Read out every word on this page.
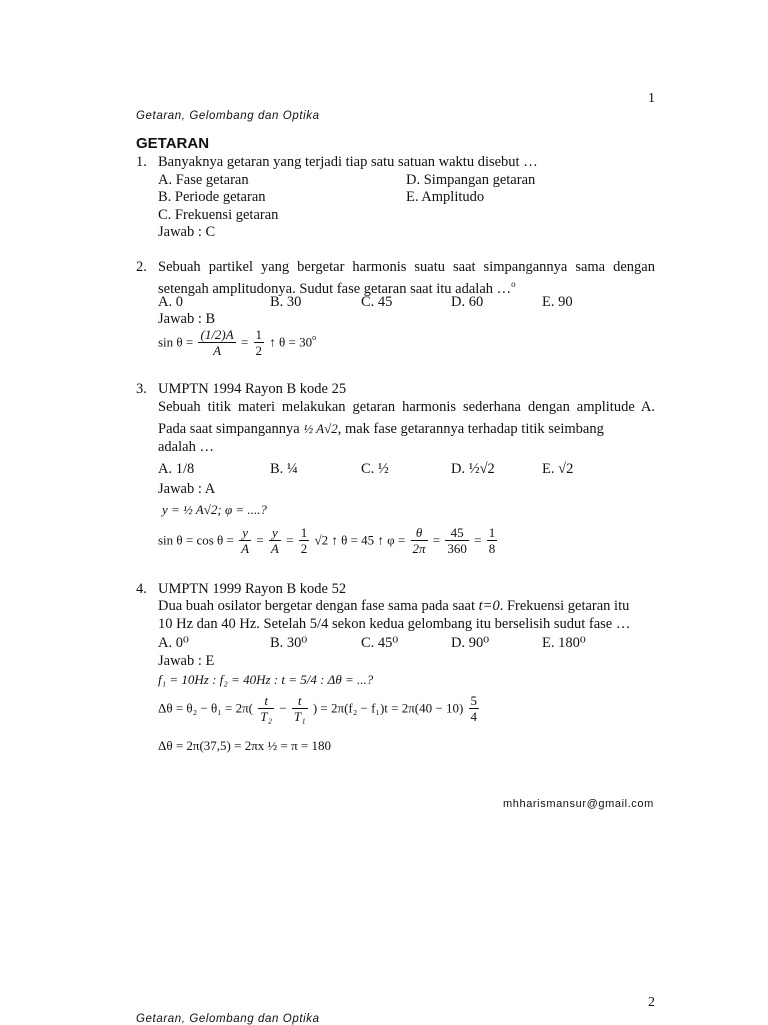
1
Getaran, Gelombang dan Optika
GETARAN
1. Banyaknya getaran yang terjadi tiap satu satuan waktu disebut …
A. Fase getaran	D. Simpangan getaran
B. Periode getaran	E. Amplitudo
C. Frekuensi getaran
Jawab : C
2. Sebuah partikel yang bergetar harmonis suatu saat simpangannya sama dengan
setengah amplitudonya. Sudut fase getaran saat itu adalah …$^o$
A. 0	B. 30	C. 45	D. 60	E. 90
Jawab : B
$\sin \theta = \frac{(1/2)A}{A} = \frac{1}{2}$ ↑ $\theta = 30^o$
3. UMPTN 1994 Rayon B kode 25
Sebuah titik materi melakukan getaran harmonis sederhana dengan amplitude A.
Pada saat simpangannya ½ A√2, mak fase getarannya terhadap titik seimbang
adalah …
A. 1/8	B. ¼	C. ½	D. ½√2	E. √2
Jawab : A
y = ½ A√2; φ = ....?
$\sin \theta = \cos \theta = \frac{y}{A} = \frac{y}{A} = \frac{1}{2} √2$ ↑ θ = 45 ↑ $\varphi = \frac{\theta}{2\pi} = \frac{45}{360} = \frac{1}{8}$
4. UMPTN 1999 Rayon B kode 52
Dua buah osilator bergetar dengan fase sama pada saat t=0. Frekuensi getaran itu
10 Hz dan 40 Hz. Setelah 5/4 sekon kedua gelombang itu berselisih sudut fase …
A. 0⁰	B. 30⁰	C. 45⁰	D. 90⁰	E. 180⁰
Jawab : E
f₁ = 10Hz : f₂ = 40Hz : t = 5/4 : Δθ = ...?
$\Delta\theta = \theta_2 - \theta_1 = 2\pi( \frac{t}{\text{T₂}} - \frac{t}{\text{T₁}}$ ) = $2\pi(f_2 - f_1)t = 2\pi(40 - 10) \frac{5}{4}$
Δθ = 2π(37,5) = 2πx ½ = π = 180
mhharismansur@gmail.com
2
Getaran, Gelombang dan Optika
